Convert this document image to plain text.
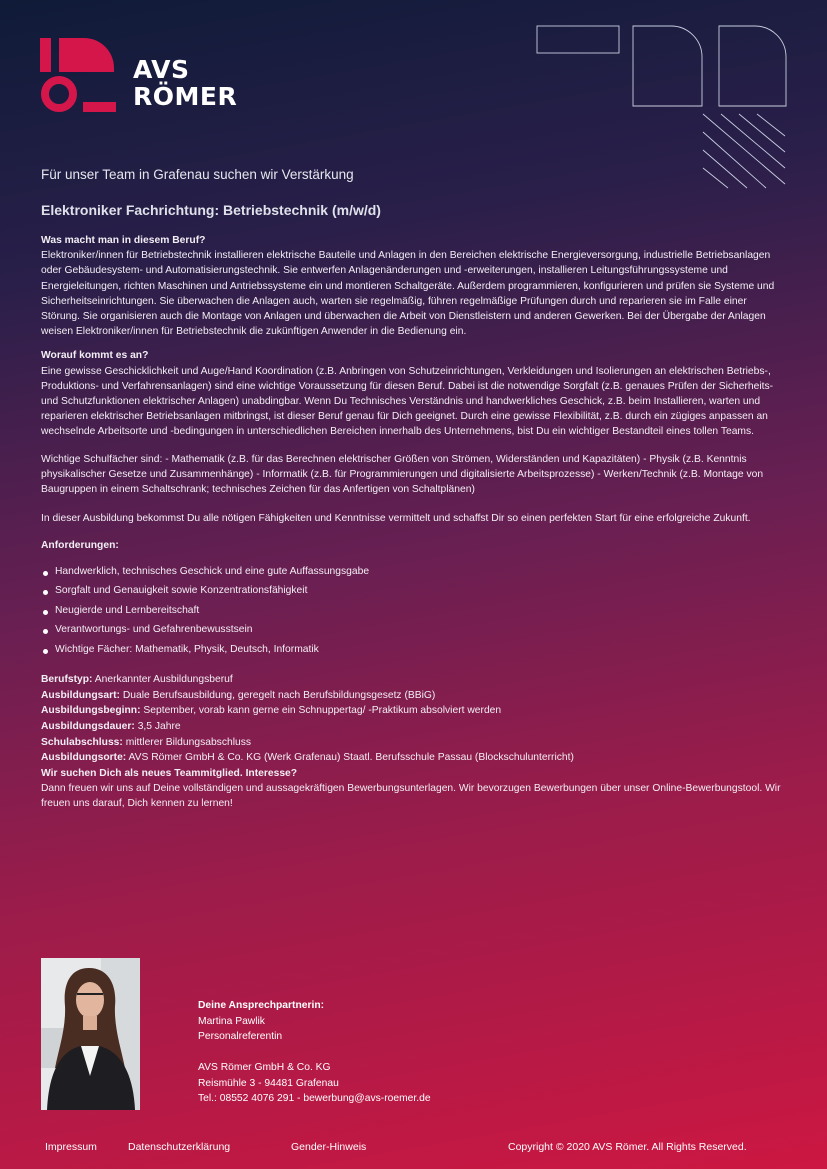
AVS
RÖMER
Für unser Team in Grafenau suchen wir Verstärkung
Elektroniker Fachrichtung: Betriebstechnik (m/w/d)

Was macht man in diesem Beruf?
Elektroniker/innen für Betriebstechnik installieren elektrische Bauteile und Anlagen in den Bereichen elektrische Energieversorgung, industrielle Betriebsanlagen oder Gebäudesystem- und Automatisierungstechnik. Sie entwerfen Anlagenänderungen und -erweiterungen, installieren Leitungsführungssysteme und Energieleitungen, richten Maschinen und Antriebssysteme ein und montieren Schaltgeräte. Außerdem programmieren, konfigurieren und prüfen sie Systeme und Sicherheitseinrichtungen. Sie überwachen die Anlagen auch, warten sie regelmäßig, führen regelmäßige Prüfungen durch und reparieren sie im Falle einer Störung. Sie organisieren auch die Montage von Anlagen und überwachen die Arbeit von Dienstleistern und anderen Gewerken. Bei der Übergabe der Anlagen weisen Elektroniker/innen für Betriebstechnik die zukünftigen Anwender in die Bedienung ein.

Worauf kommt es an?
Eine gewisse Geschicklichkeit und Auge/Hand Koordination (z.B. Anbringen von Schutzeinrichtungen, Verkleidungen und Isolierungen an elektrischen Betriebs-, Produktions- und Verfahrensanlagen) sind eine wichtige Voraussetzung für diesen Beruf. Dabei ist die notwendige Sorgfalt (z.B. genaues Prüfen der Sicherheits- und Schutzfunktionen elektrischer Anlagen) unabdingbar. Wenn Du Technisches Verständnis und handwerkliches Geschick, z.B. beim Installieren, warten und reparieren elektrischer Betriebsanlagen mitbringst, ist dieser Beruf genau für Dich geeignet. Durch eine gewisse Flexibilität, z.B. durch ein zügiges anpassen an wechselnde Arbeitsorte und -bedingungen in unterschiedlichen Bereichen innerhalb des Unternehmens, bist Du ein wichtiger Bestandteil eines tollen Teams.

Wichtige Schulfächer sind: - Mathematik (z.B. für das Berechnen elektrischer Größen von Strömen, Widerständen und Kapazitäten) - Physik (z.B. Kenntnis physikalischer Gesetze und Zusammenhänge) - Informatik (z.B. für Programmierungen und digitalisierte Arbeitsprozesse) - Werken/Technik (z.B. Montage von Baugruppen in einem Schaltschrank; technisches Zeichen für das Anfertigen von Schaltplänen)

In dieser Ausbildung bekommst Du alle nötigen Fähigkeiten und Kenntnisse vermittelt und schaffst Dir so einen perfekten Start für eine erfolgreiche Zukunft.

Anforderungen:
Handwerklich, technisches Geschick und eine gute Auffassungsgabe
Sorgfalt und Genauigkeit sowie Konzentrationsfähigkeit
Neugierde und Lernbereitschaft
Verantwortungs- und Gefahrenbewusstsein
Wichtige Fächer: Mathematik, Physik, Deutsch, Informatik
Berufstyp: Anerkannter Ausbildungsberuf
Ausbildungsart: Duale Berufsausbildung, geregelt nach Berufsbildungsgesetz (BBiG)
Ausbildungsbeginn: September, vorab kann gerne ein Schnuppertag/ -Praktikum absolviert werden
Ausbildungsdauer: 3,5 Jahre
Schulabschluss: mittlerer Bildungsabschluss
Ausbildungsorte: AVS Römer GmbH & Co. KG (Werk Grafenau) Staatl. Berufsschule Passau (Blockschulunterricht)

Wir suchen Dich als neues Teammitglied. Interesse?
Dann freuen wir uns auf Deine vollständigen und aussagekräftigen Bewerbungsunterlagen. Wir bevorzugen Bewerbungen über unser Online-Bewerbungstool. Wir freuen uns darauf, Dich kennen zu lernen!

Deine Ansprechpartnerin:
Martina Pawlik
Personalreferentin
AVS Römer GmbH & Co. KG
Reismühle 3 - 94481 Grafenau
Tel.: 08552 4076 291 - bewerbung@avs-roemer.de
Impressum	Datenschutzerklärung	Gender-Hinweis	Copyright © 2020 AVS Römer. All Rights Reserved.
